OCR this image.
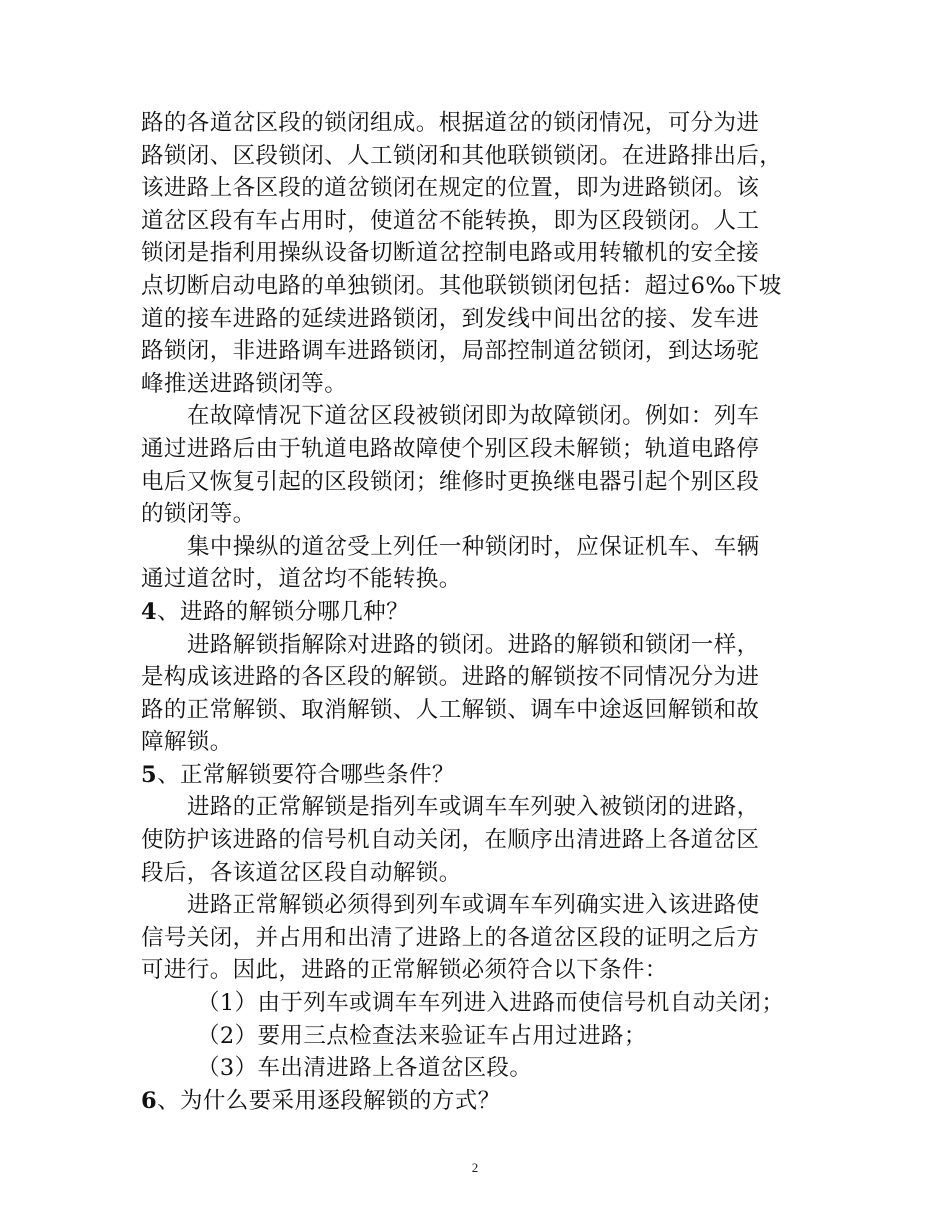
路的各道岔区段的锁闭组成。根据道岔的锁闭情况，可分为进
路锁闭、区段锁闭、人工锁闭和其他联锁锁闭。在进路排出后，
该进路上各区段的道岔锁闭在规定的位置，即为进路锁闭。该
道岔区段有车占用时，使道岔不能转换，即为区段锁闭。人工
锁闭是指利用操纵设备切断道岔控制电路或用转辙机的安全接
点切断启动电路的单独锁闭。其他联锁锁闭包括：超过6‰下坡
道的接车进路的延续进路锁闭，到发线中间出岔的接、发车进
路锁闭，非进路调车进路锁闭，局部控制道岔锁闭，到达场驼
峰推送进路锁闭等。
在故障情况下道岔区段被锁闭即为故障锁闭。例如：列车
通过进路后由于轨道电路故障使个别区段未解锁；轨道电路停
电后又恢复引起的区段锁闭；维修时更换继电器引起个别区段
的锁闭等。
集中操纵的道岔受上列任一种锁闭时，应保证机车、车辆
通过道岔时，道岔均不能转换。
4、进路的解锁分哪几种？
进路解锁指解除对进路的锁闭。进路的解锁和锁闭一样，
是构成该进路的各区段的解锁。进路的解锁按不同情况分为进
路的正常解锁、取消解锁、人工解锁、调车中途返回解锁和故
障解锁。
5、正常解锁要符合哪些条件？
进路的正常解锁是指列车或调车车列驶入被锁闭的进路，
使防护该进路的信号机自动关闭，在顺序出清进路上各道岔区
段后，各该道岔区段自动解锁。
进路正常解锁必须得到列车或调车车列确实进入该进路使
信号关闭，并占用和出清了进路上的各道岔区段的证明之后方
可进行。因此，进路的正常解锁必须符合以下条件：
（1）由于列车或调车车列进入进路而使信号机自动关闭；
（2）要用三点检查法来验证车占用过进路；
（3）车出清进路上各道岔区段。
6、为什么要采用逐段解锁的方式？
2
